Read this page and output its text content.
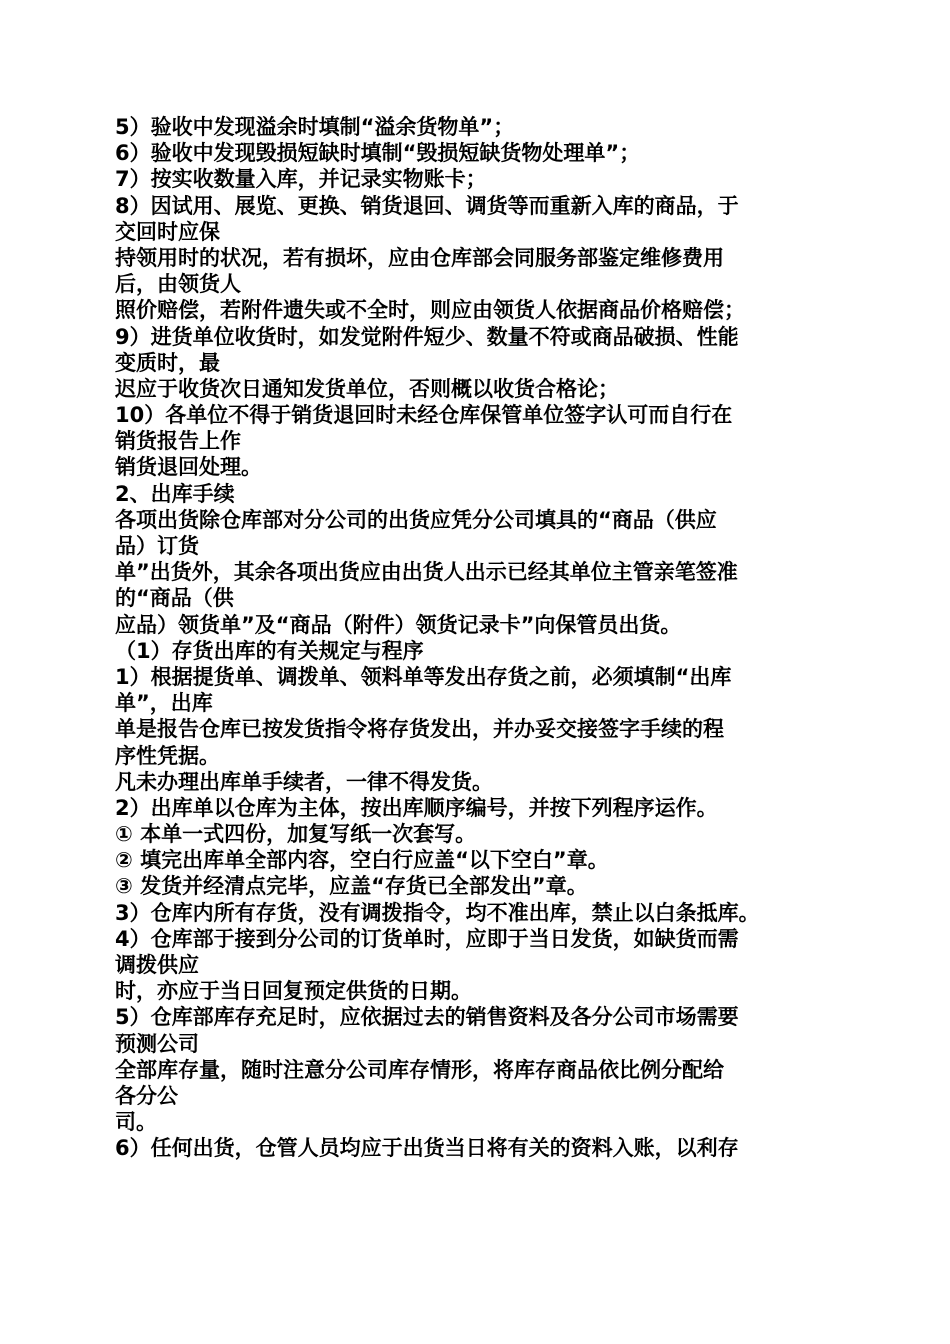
5）验收中发现溢余时填制“溢余货物单”；
6）验收中发现毁损短缺时填制“毁损短缺货物处理单”；
7）按实收数量入库，并记录实物账卡；
8）因试用、展览、更换、销货退回、调货等而重新入库的商品，于
交回时应保
持领用时的状况，若有损坏，应由仓库部会同服务部鉴定维修费用
后，由领货人
照价赔偿，若附件遗失或不全时，则应由领货人依据商品价格赔偿；
9）进货单位收货时，如发觉附件短少、数量不符或商品破损、性能
变质时，最
迟应于收货次日通知发货单位，否则概以收货合格论；
10）各单位不得于销货退回时未经仓库保管单位签字认可而自行在
销货报告上作
销货退回处理。
2、出库手续
各项出货除仓库部对分公司的出货应凭分公司填具的“商品（供应
品）订货
单”出货外，其余各项出货应由出货人出示已经其单位主管亲笔签准
的“商品（供
应品）领货单”及“商品（附件）领货记录卡”向保管员出货。
（1）存货出库的有关规定与程序
1）根据提货单、调拨单、领料单等发出存货之前，必须填制“出库
单”，出库
单是报告仓库已按发货指令将存货发出，并办妥交接签字手续的程
序性凭据。
凡未办理出库单手续者，一律不得发货。
2）出库单以仓库为主体，按出库顺序编号，并按下列程序运作。
① 本单一式四份，加复写纸一次套写。
② 填完出库单全部内容，空白行应盖“以下空白”章。
③ 发货并经清点完毕，应盖“存货已全部发出”章。
3）仓库内所有存货，没有调拨指令，均不准出库，禁止以白条抵库。
4）仓库部于接到分公司的订货单时，应即于当日发货，如缺货而需
调拨供应
时，亦应于当日回复预定供货的日期。
5）仓库部库存充足时，应依据过去的销售资料及各分公司市场需要
预测公司
全部库存量，随时注意分公司库存情形，将库存商品依比例分配给
各分公
司。
6）任何出货，仓管人员均应于出货当日将有关的资料入账，以利存
